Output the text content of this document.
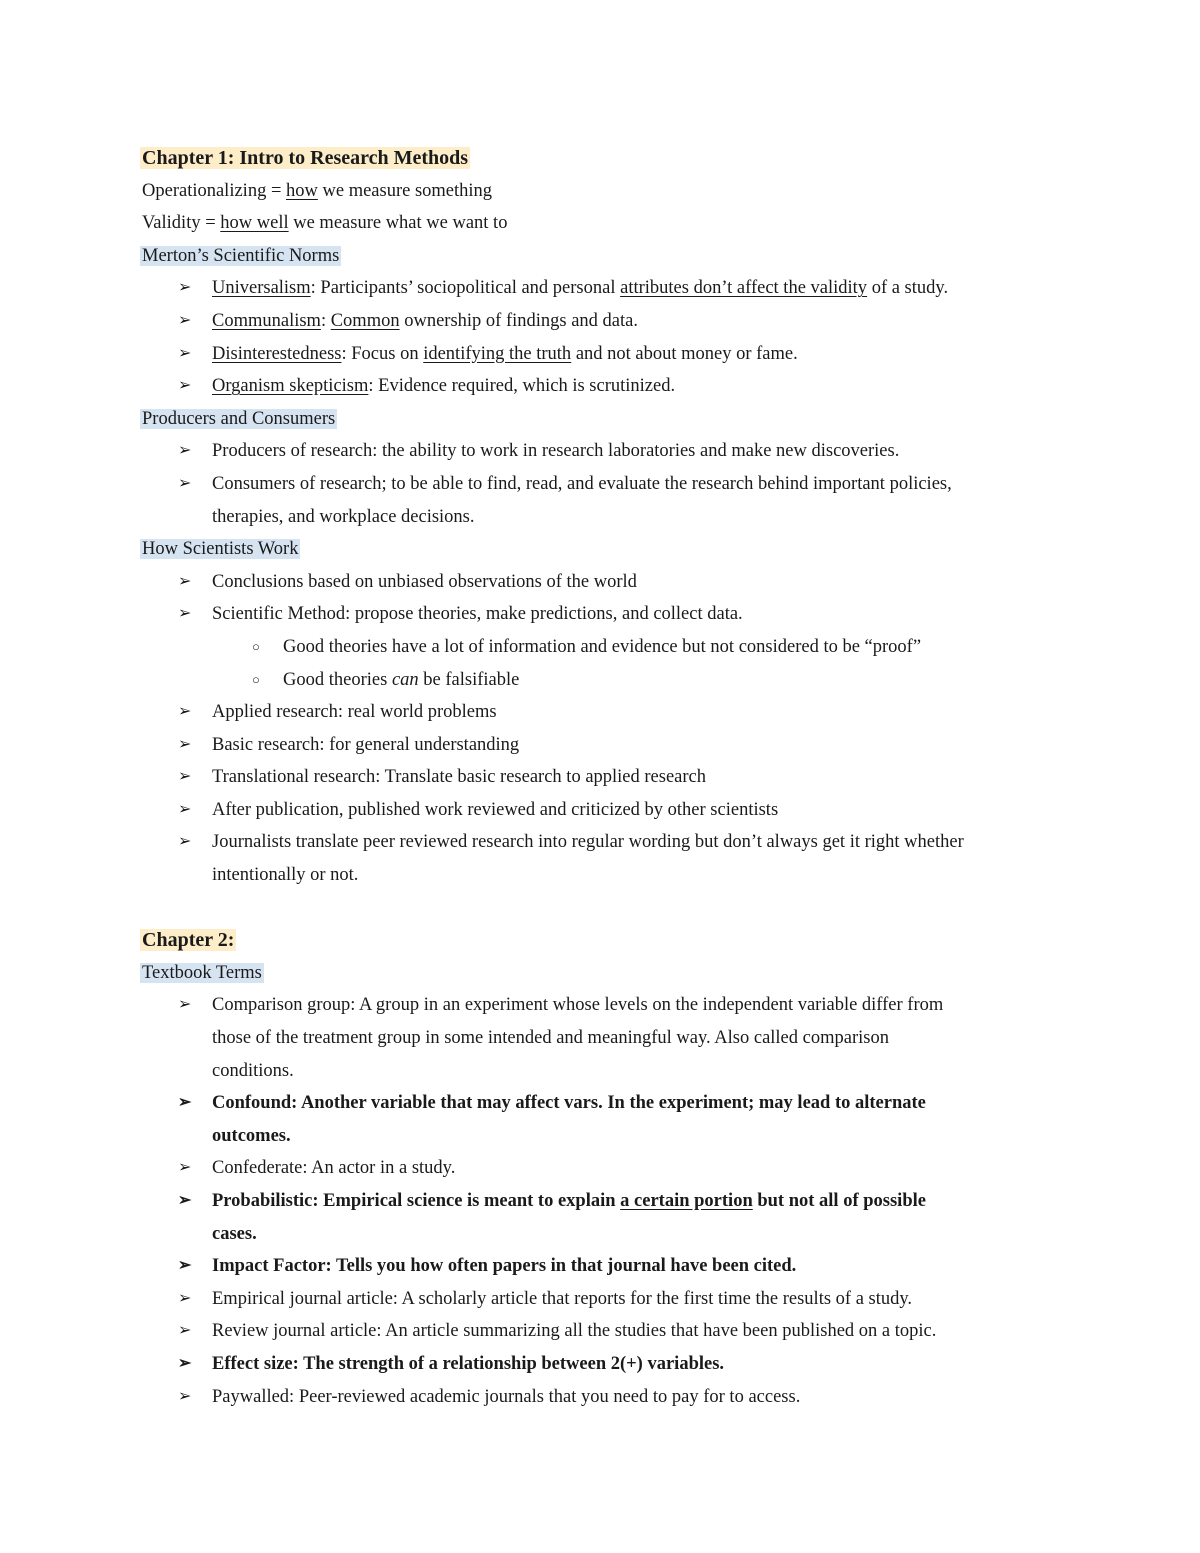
Chapter 1: Intro to Research Methods
Operationalizing = how we measure something
Validity = how well we measure what we want to
Merton’s Scientific Norms
➢ Universalism: Participants’ sociopolitical and personal attributes don’t affect the validity of a study.
➢ Communalism: Common ownership of findings and data.
➢ Disinterestedness: Focus on identifying the truth and not about money or fame.
➢ Organism skepticism: Evidence required, which is scrutinized.
Producers and Consumers
➢ Producers of research: the ability to work in research laboratories and make new discoveries.
➢ Consumers of research; to be able to find, read, and evaluate the research behind important policies,
therapies, and workplace decisions.
How Scientists Work
➢ Conclusions based on unbiased observations of the world
➢ Scientific Method: propose theories, make predictions, and collect data.
○ Good theories have a lot of information and evidence but not considered to be “proof”
○ Good theories can be falsifiable
➢ Applied research: real world problems
➢ Basic research: for general understanding
➢ Translational research: Translate basic research to applied research
➢ After publication, published work reviewed and criticized by other scientists
➢ Journalists translate peer reviewed research into regular wording but don’t always get it right whether
intentionally or not.
Chapter 2:
Textbook Terms
➢ Comparison group: A group in an experiment whose levels on the independent variable differ from
those of the treatment group in some intended and meaningful way. Also called comparison
conditions.
➢ Confound: Another variable that may affect vars. In the experiment; may lead to alternate
outcomes.
➢ Confederate: An actor in a study.
➢ Probabilistic: Empirical science is meant to explain a certain portion but not all of possible
cases.
➢ Impact Factor: Tells you how often papers in that journal have been cited.
➢ Empirical journal article: A scholarly article that reports for the first time the results of a study.
➢ Review journal article: An article summarizing all the studies that have been published on a topic.
➢ Effect size: The strength of a relationship between 2(+) variables.
➢ Paywalled: Peer-reviewed academic journals that you need to pay for to access.
